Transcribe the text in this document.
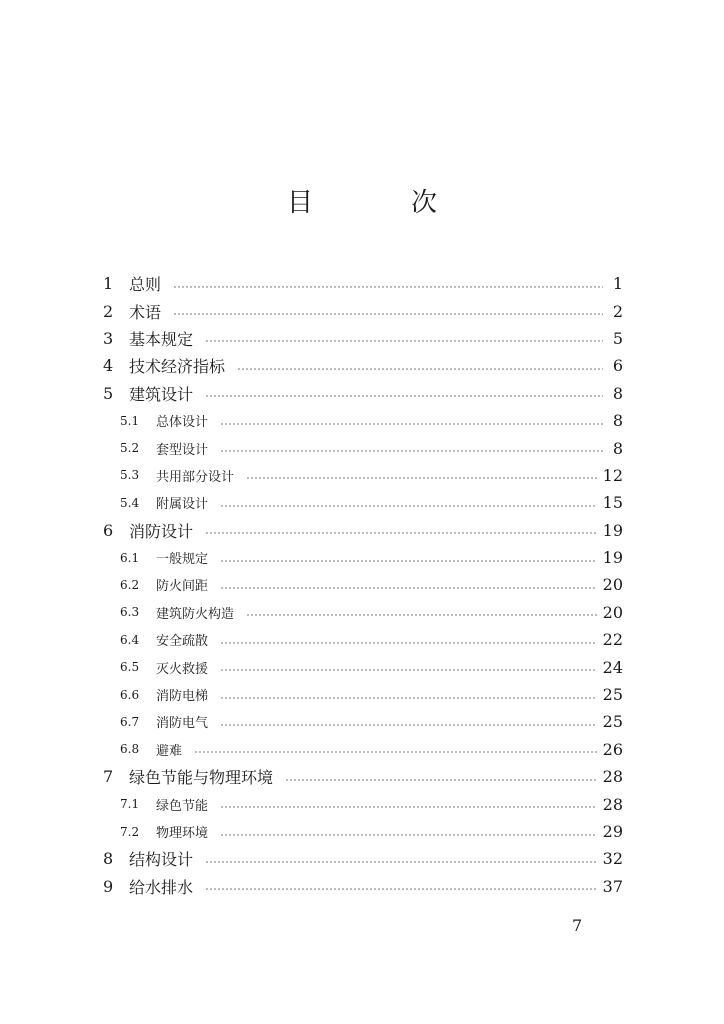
目　次
1 总则	1
2 术语	2
3 基本规定	5
4 技术经济指标	6
5 建筑设计	8
5.1	总体设计	8
5.2	套型设计	8
5.3	共用部分设计	12
5.4	附属设计	15
6 消防设计	19
6.1	一般规定	19
6.2	防火间距	20
6.3	建筑防火构造	20
6.4	安全疏散	22
6.5	灭火救援	24
6.6	消防电梯	25
6.7	消防电气	25
6.8	避难	26
7 绿色节能与物理环境	28
7.1	绿色节能	28
7.2	物理环境	29
8 结构设计	32
9 给水排水	37
7
